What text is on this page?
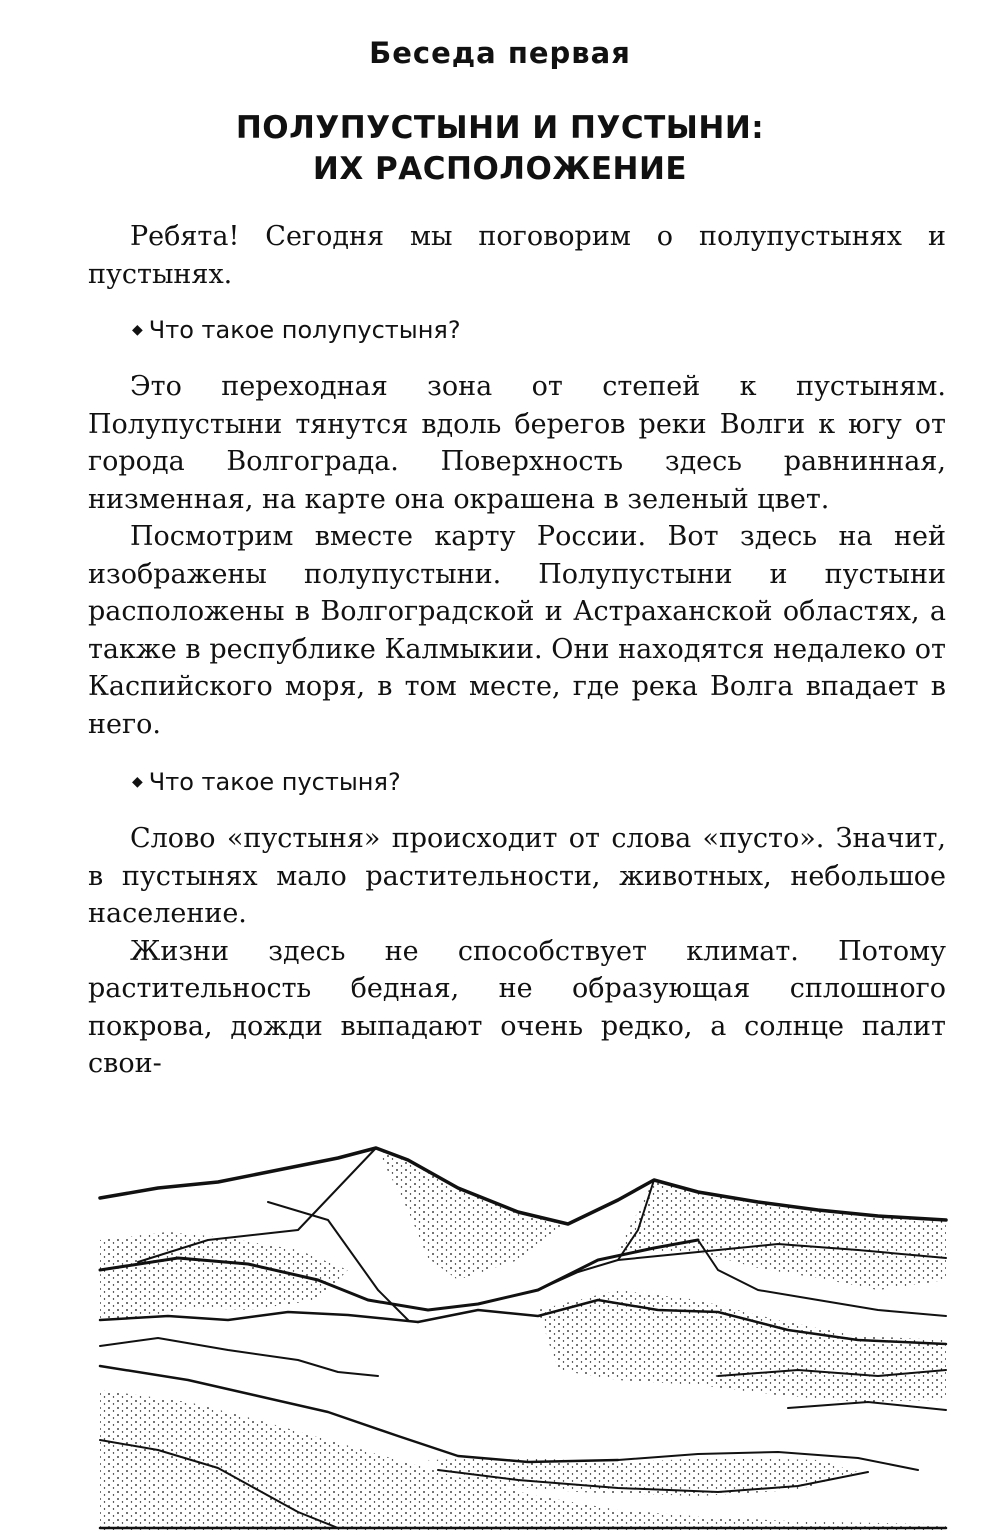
Беседа первая
ПОЛУПУСТЫНИ И ПУСТЫНИ:
ИХ РАСПОЛОЖЕНИЕ

Ребята! Сегодня мы поговорим о полупустынях и пустынях.

◆ Что такое полупустыня?

Это переходная зона от степей к пустыням. Полупустыни тянутся вдоль берегов реки Волги к югу от города Волгограда. Поверхность здесь равнинная, низменная, на карте она окрашена в зеленый цвет.

Посмотрим вместе карту России. Вот здесь на ней изображены полупустыни. Полупустыни и пустыни расположены в Волгоградской и Астраханской областях, а также в республике Калмыкии. Они находятся недалеко от Каспийского моря, в том месте, где река Волга впадает в него.

◆ Что такое пустыня?

Слово «пустыня» происходит от слова «пусто». Значит, в пустынях мало растительности, животных, небольшое население.

Жизни здесь не способствует климат. Потому растительность бедная, не образующая сплошного покрова, дожди выпадают очень редко, а солнце палит свои-
